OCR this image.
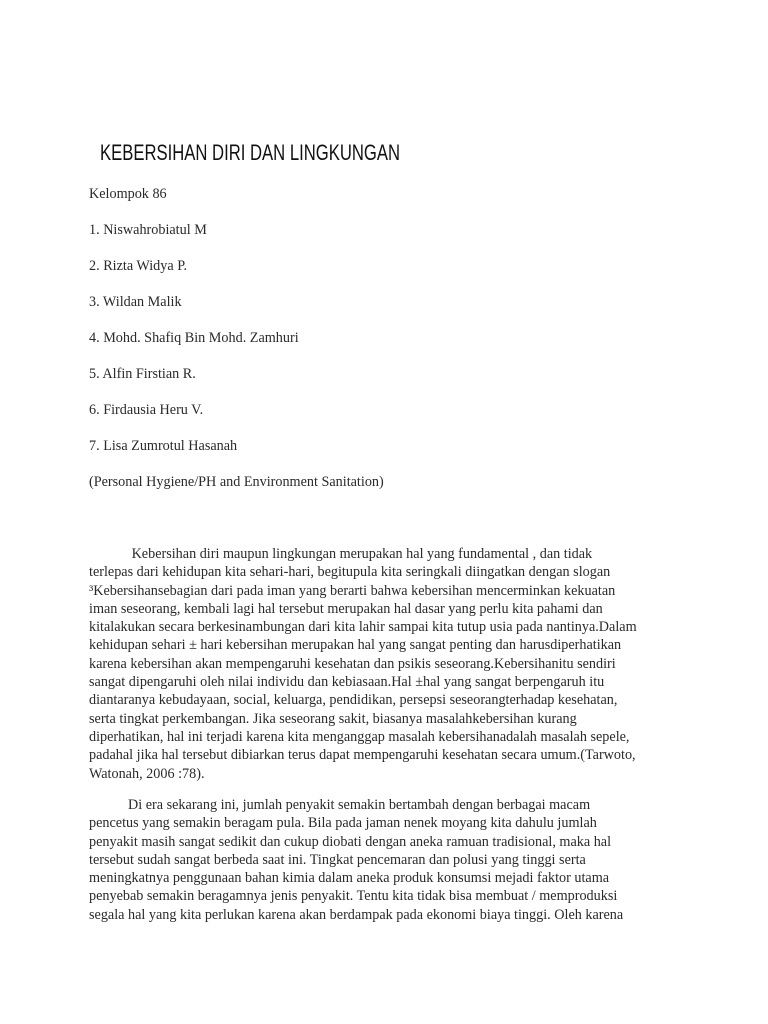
KEBERSIHAN DIRI DAN LINGKUNGAN
Kelompok 86
1. Niswahrobiatul M
2. Rizta Widya P.
3. Wildan Malik
4. Mohd. Shafiq Bin Mohd. Zamhuri
5. Alfin Firstian R.
6. Firdausia Heru V.
7. Lisa Zumrotul Hasanah
(Personal Hygiene/PH and Environment Sanitation)
Kebersihan diri maupun lingkungan merupakan hal yang fundamental , dan tidak
terlepas dari kehidupan kita sehari-hari, begitupula kita seringkali diingatkan dengan slogan
³Kebersihansebagian dari pada iman yang berarti bahwa kebersihan mencerminkan kekuatan
iman seseorang, kembali lagi hal tersebut merupakan hal dasar yang perlu kita pahami dan
kitalakukan secara berkesinambungan dari kita lahir sampai kita tutup usia pada nantinya.Dalam
kehidupan sehari ± hari kebersihan merupakan hal yang sangat penting dan harusdiperhatikan
karena kebersihan akan mempengaruhi kesehatan dan psikis seseorang.Kebersihanitu sendiri
sangat dipengaruhi oleh nilai individu dan kebiasaan.Hal ±hal yang sangat berpengaruh itu
diantaranya kebudayaan, social, keluarga, pendidikan, persepsi seseorangterhadap kesehatan,
serta tingkat perkembangan. Jika seseorang sakit, biasanya masalahkebersihan kurang
diperhatikan, hal ini terjadi karena kita menganggap masalah kebersihanadalah masalah sepele,
padahal jika hal tersebut dibiarkan terus dapat mempengaruhi kesehatan secara umum.(Tarwoto,
Watonah, 2006 :78).
Di era sekarang ini, jumlah penyakit semakin bertambah dengan berbagai macam
pencetus yang semakin beragam pula. Bila pada jaman nenek moyang kita dahulu jumlah
penyakit masih sangat sedikit dan cukup diobati dengan aneka ramuan tradisional, maka hal
tersebut sudah sangat berbeda saat ini. Tingkat pencemaran dan polusi yang tinggi serta
meningkatnya penggunaan bahan kimia dalam aneka produk konsumsi mejadi faktor utama
penyebab semakin beragamnya jenis penyakit. Tentu kita tidak bisa membuat / memproduksi
segala hal yang kita perlukan karena akan berdampak pada ekonomi biaya tinggi. Oleh karena
